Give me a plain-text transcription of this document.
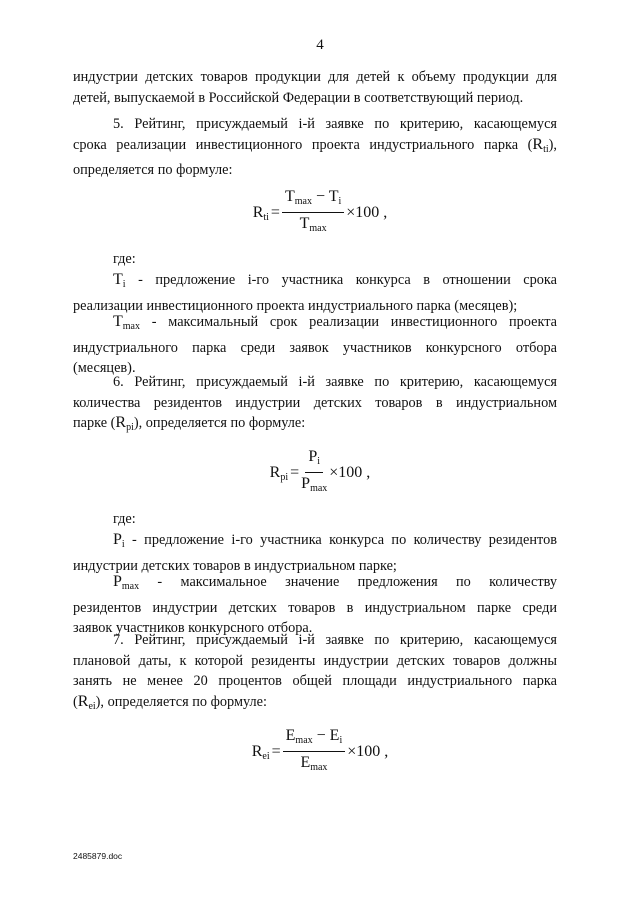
4
индустрии детских товаров продукции для детей к объему продукции для
детей, выпускаемой в Российской Федерации в соответствующий период.
5. Рейтинг, присуждаемый i-й заявке по критерию, касающемуся
срока реализации инвестиционного проекта индустриального парка $(R_{ti})$,
определяется по формуле:
$R_{ti} = \frac{T_{max} - T_i}{T_{max}} \times 100$ ,
где:
$T_i$ - предложение i-го участника конкурса в отношении срока
реализации инвестиционного проекта индустриального парка (месяцев);
$T_{max}$ - максимальный срок реализации инвестиционного проекта
индустриального парка среди заявок участников конкурсного отбора
(месяцев).
6. Рейтинг, присуждаемый i-й заявке по критерию, касающемуся
количества резидентов индустрии детских товаров в индустриальном
парке $(R_{pi})$, определяется по формуле:
$R_{pi} = \frac{P_i}{P_{max}} \times 100$ ,
где:
$P_i$ - предложение i-го участника конкурса по количеству резидентов
индустрии детских товаров в индустриальном парке;
$P_{max}$ - максимальное значение предложения по количеству
резидентов индустрии детских товаров в индустриальном парке среди
заявок участников конкурсного отбора.
7. Рейтинг, присуждаемый i-й заявке по критерию, касающемуся
плановой даты, к которой резиденты индустрии детских товаров должны
занять не менее 20 процентов общей площади индустриального парка
$(R_{ei})$, определяется по формуле:
$R_{ei} = \frac{E_{max} - E_i}{E_{max}} \times 100$ ,
2485879.doc
